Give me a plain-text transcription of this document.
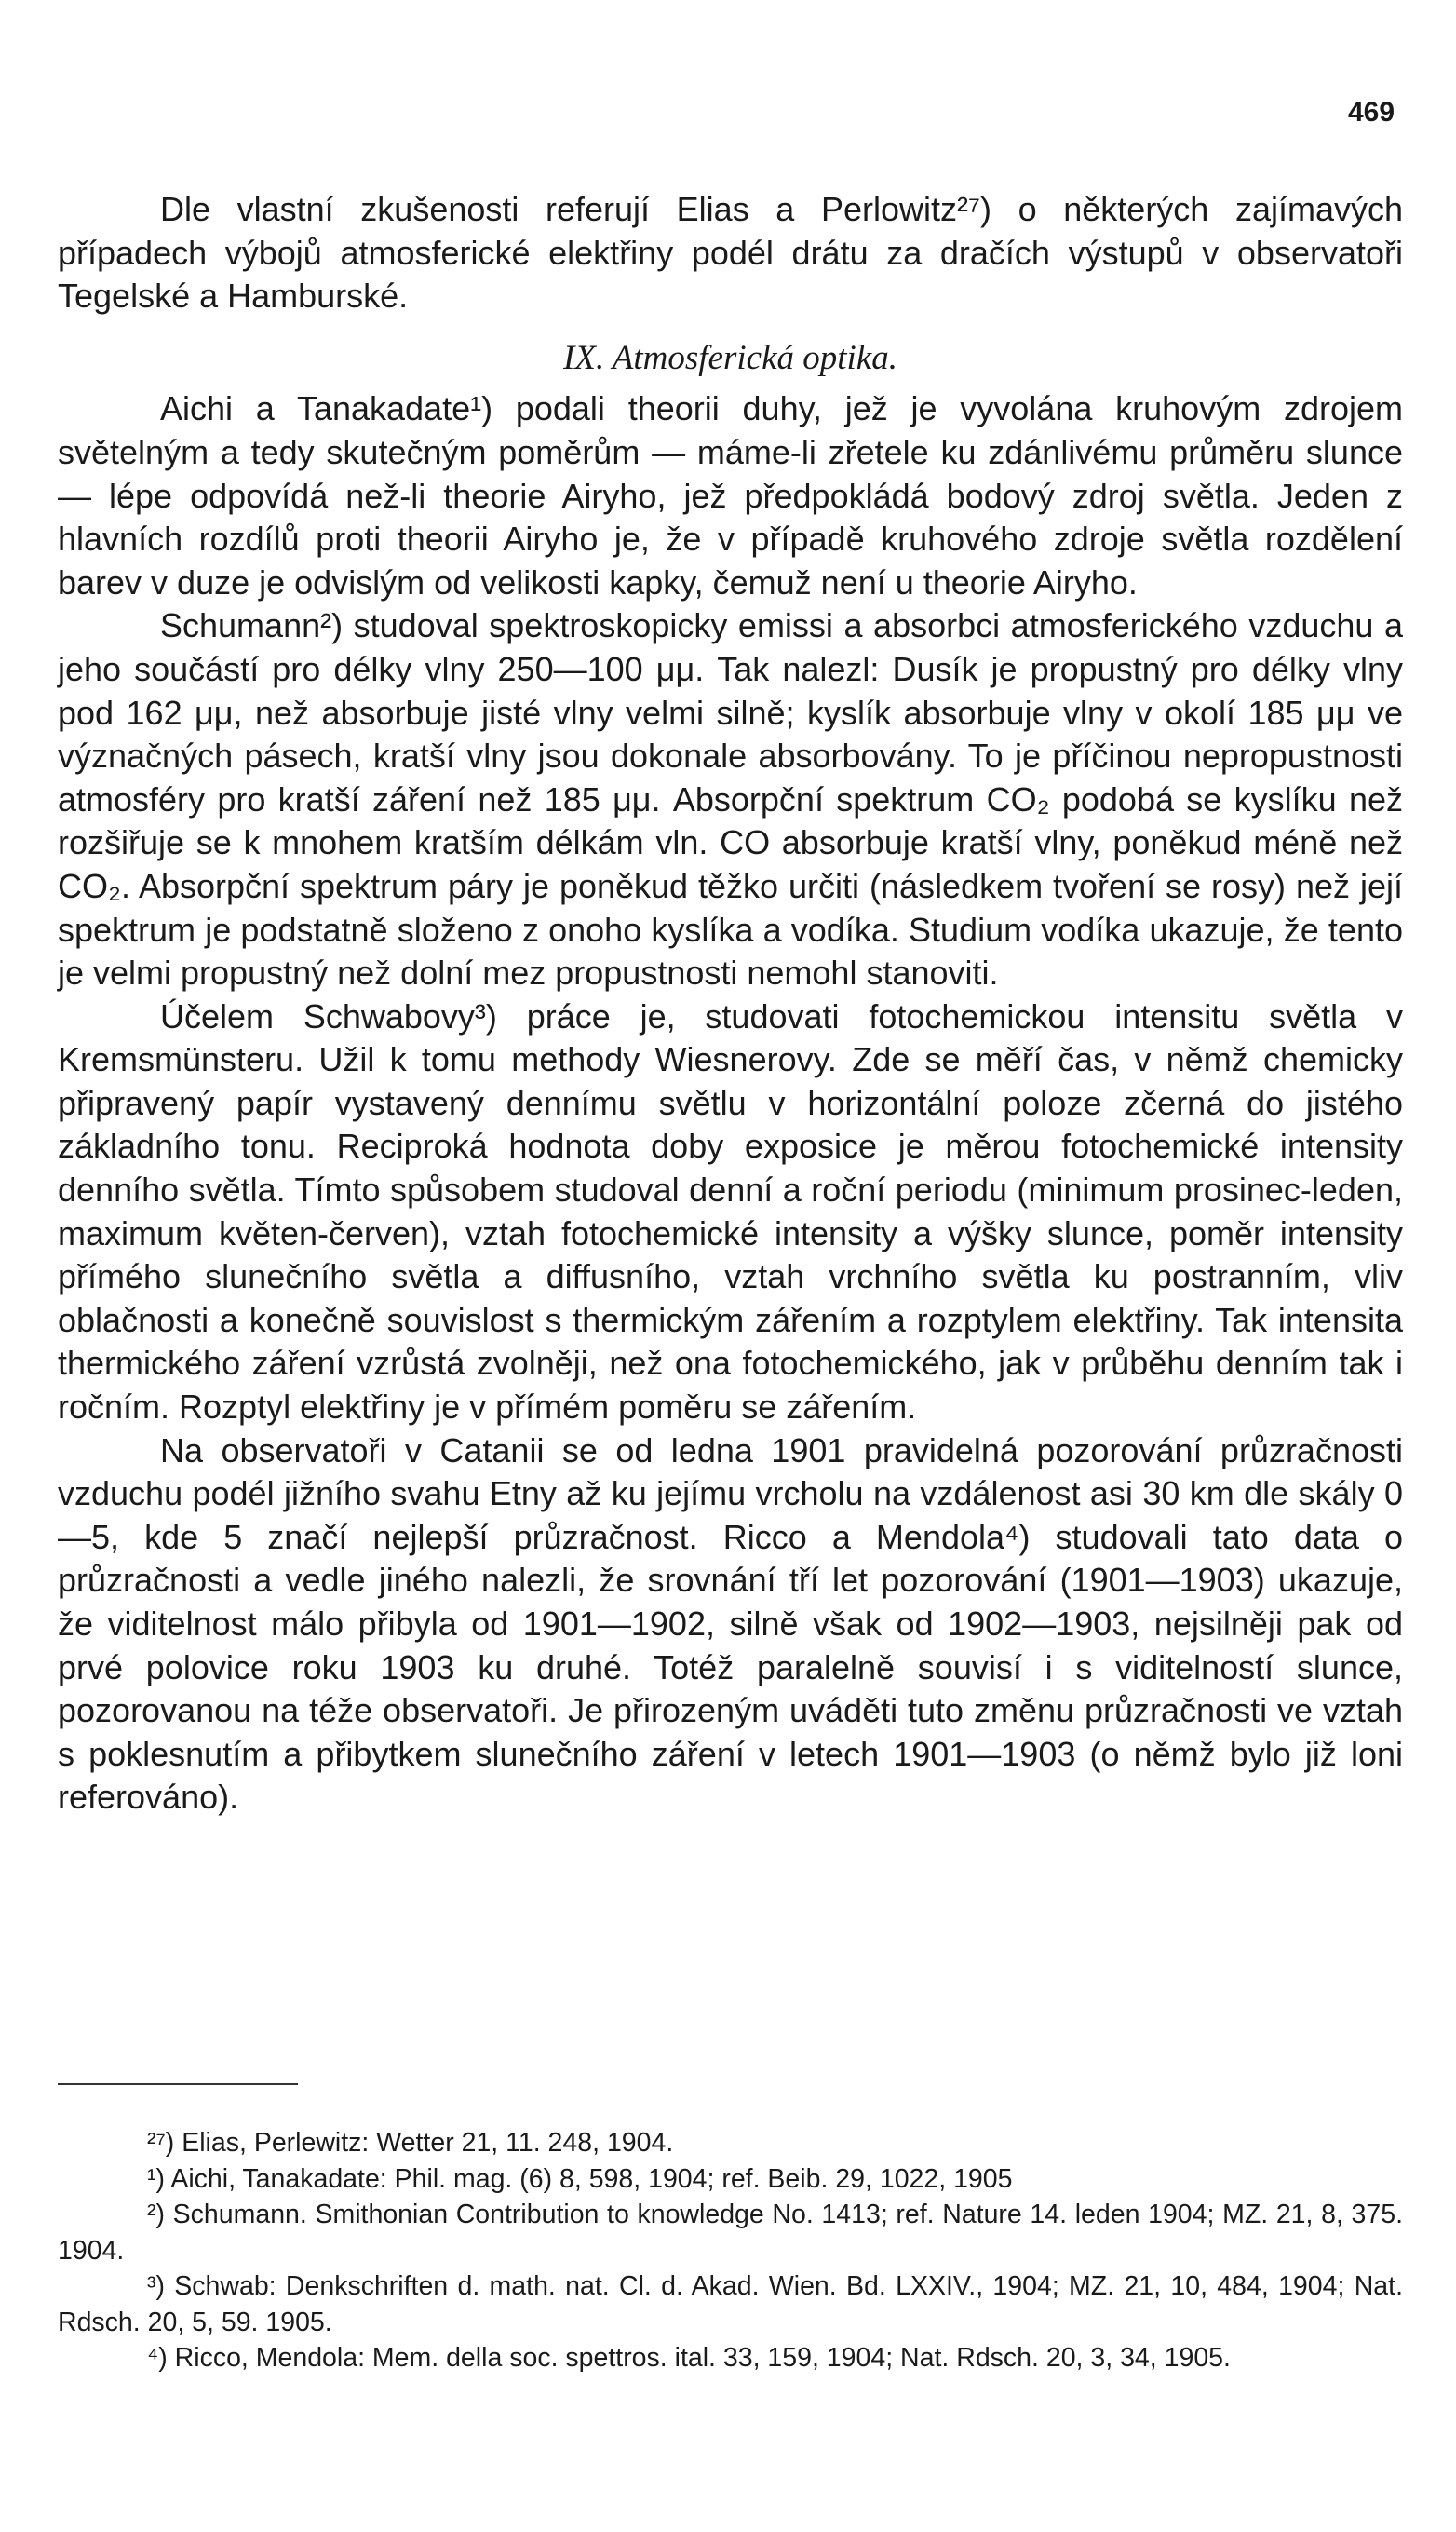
469

Dle vlastní zkušenosti referují Elias a Perlowitz²⁷) o některých zajímavých případech výbojů atmosferické elektřiny podél drátu za dračích výstupů v observatoři Tegelské a Hamburské.

IX. Atmosferická optika.

Aichi a Tanakadate¹) podali theorii duhy, jež je vyvolána kruhovým zdrojem světelným a tedy skutečným poměrům — máme-li zřetele ku zdánlivému průměru slunce — lépe odpovídá než-li theorie Airyho, jež předpokládá bodový zdroj světla. Jeden z hlavních rozdílů proti theorii Airyho je, že v případě kruhového zdroje světla rozdělení barev v duze je odvislým od velikosti kapky, čemuž není u theorie Airyho.

Schumann²) studoval spektroskopicky emissi a absorbci atmosferického vzduchu a jeho součástí pro délky vlny 250—100 μμ. Tak nalezl: Dusík je propustný pro délky vlny pod 162 μμ, než absorbuje jisté vlny velmi silně; kyslík absorbuje vlny v okolí 185 μμ ve význačných pásech, kratší vlny jsou dokonale absorbovány. To je příčinou nepropustnosti atmosféry pro kratší záření než 185 μμ. Absorpční spektrum CO₂ podobá se kyslíku než rozšiřuje se k mnohem kratším délkám vln. CO absorbuje kratší vlny, poněkud méně než CO₂. Absorpční spektrum páry je poněkud těžko určiti (následkem tvoření se rosy) než její spektrum je podstatně složeno z onoho kyslíka a vodíka. Studium vodíka ukazuje, že tento je velmi propustný než dolní mez propustnosti nemohl stanoviti.

Účelem Schwabovy³) práce je, studovati fotochemickou intensitu světla v Kremsmünsteru. Užil k tomu methody Wiesnerovy. Zde se měří čas, v němž chemicky připravený papír vystavený dennímu světlu v horizontální poloze zčerná do jistého základního tonu. Reciproká hodnota doby exposice je měrou fotochemické intensity denního světla. Tímto spůsobem studoval denní a roční periodu (minimum prosinec-leden, maximum květen-červen), vztah fotochemické intensity a výšky slunce, poměr intensity přímého slunečního světla a diffusního, vztah vrchního světla ku postranním, vliv oblačnosti a konečně souvislost s thermickým zářením a rozptylem elektřiny. Tak intensita thermického záření vzrůstá zvolněji, než ona fotochemického, jak v průběhu denním tak i ročním. Rozptyl elektřiny je v přímém poměru se zářením.

Na observatoři v Catanii se od ledna 1901 pravidelná pozorování průzračnosti vzduchu podél jižního svahu Etny až ku jejímu vrcholu na vzdálenost asi 30 km dle skály 0—5, kde 5 značí nejlepší průzračnost. Ricco a Mendola⁴) studovali tato data o průzračnosti a vedle jiného nalezli, že srovnání tří let pozorování (1901—1903) ukazuje, že viditelnost málo přibyla od 1901—1902, silně však od 1902—1903, nejsilněji pak od prvé polovice roku 1903 ku druhé. Totéž paralelně souvisí i s viditelností slunce, pozorovanou na téže observatoři. Je přirozeným uváděti tuto změnu průzračnosti ve vztah s poklesnutím a přibytkem slunečního záření v letech 1901—1903 (o němž bylo již loni referováno).

²⁷) Elias, Perlewitz: Wetter 21, 11. 248, 1904.

¹) Aichi, Tanakadate: Phil. mag. (6) 8, 598, 1904; ref. Beib. 29, 1022, 1905

²) Schumann. Smithonian Contribution to knowledge No. 1413; ref. Nature 14. leden 1904; MZ. 21, 8, 375. 1904.

³) Schwab: Denkschriften d. math. nat. Cl. d. Akad. Wien. Bd. LXXIV., 1904; MZ. 21, 10, 484, 1904; Nat. Rdsch. 20, 5, 59. 1905.

⁴) Ricco, Mendola: Mem. della soc. spettros. ital. 33, 159, 1904; Nat. Rdsch. 20, 3, 34, 1905.
